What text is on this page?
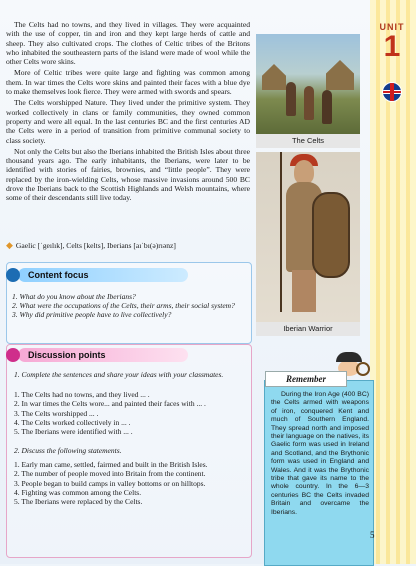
UNIT
1

The Celts had no towns, and they lived in villages. They were acquainted with the use of copper, tin and iron and they kept large herds of cattle and sheep. They also cultivated crops. The clothes of Celtic tribes of the Britons who inhabited the southeastern parts of the island were made of wool while the other Celts wore skins.

More of Celtic tribes were quite large and fighting was common among them. In war times the Celts wore skins and painted their faces with a blue dye to make themselves look fierce. They were armed with swords and spears.

The Celts worshipped Nature. They lived under the primitive system. They worked collectively in clans or family communities, they owned common property and were all equal. In the last centuries BC and the first centuries AD the Celts were in a period of transition from primitive communal society to class society.

Not only the Celts but also the Iberians inhabited the British Isles about three thousand years ago. The early inhabitants, the Iberians, were later to be identified with stories of fairies, brownies, and “little people”. They were replaced by the iron-wielding Celts, whose massive invasions around 500 BC drove the Iberians back to the Scottish Highlands and Welsh mountains, where some of their descendants still live today.

◆ Gaelic [ˈgeılık], Celts [kelts], Iberians [aıˈbı(ə)rıənz]
The Celts
Iberian Warrior
Content focus
1. What do you know about the Iberians?
2. What were the occupations of the Celts, their arms, their social system?
3. Why did primitive people have to live collectively?
Discussion points
1. Complete the sentences and share your ideas with your classmates.
1. The Celts had no towns, and they lived ... .
2. In war times the Celts wore... and painted their faces with ... .
3. The Celts worshipped ... .
4. The Celts worked collectively in ... .
5. The Iberians were identified with ... .
2. Discuss the following statements.
1. Early man came, settled, fairmed and built in the British Isles.
2. The number of people moved into Britain from the continent.
3. People began to build camps in valley bottoms or on hilltops.
4. Fighting was common among the Celts.
5. The Iberians were replaced by the Celts.
Remember
During the Iron Age (400 BC) the Celts armed with weapons of iron, conquered Kent and much of Southern England. They spread north and imposed their language on the natives, its Gaelic form was used in Ireland and Scotland, and the Brythonic form was used in England and Wales. And it was the Brythonic tribe that gave its name to the whole country. In the 6—3 centuries BC the Celts invaded Britain and overcame the Iberians.
5
